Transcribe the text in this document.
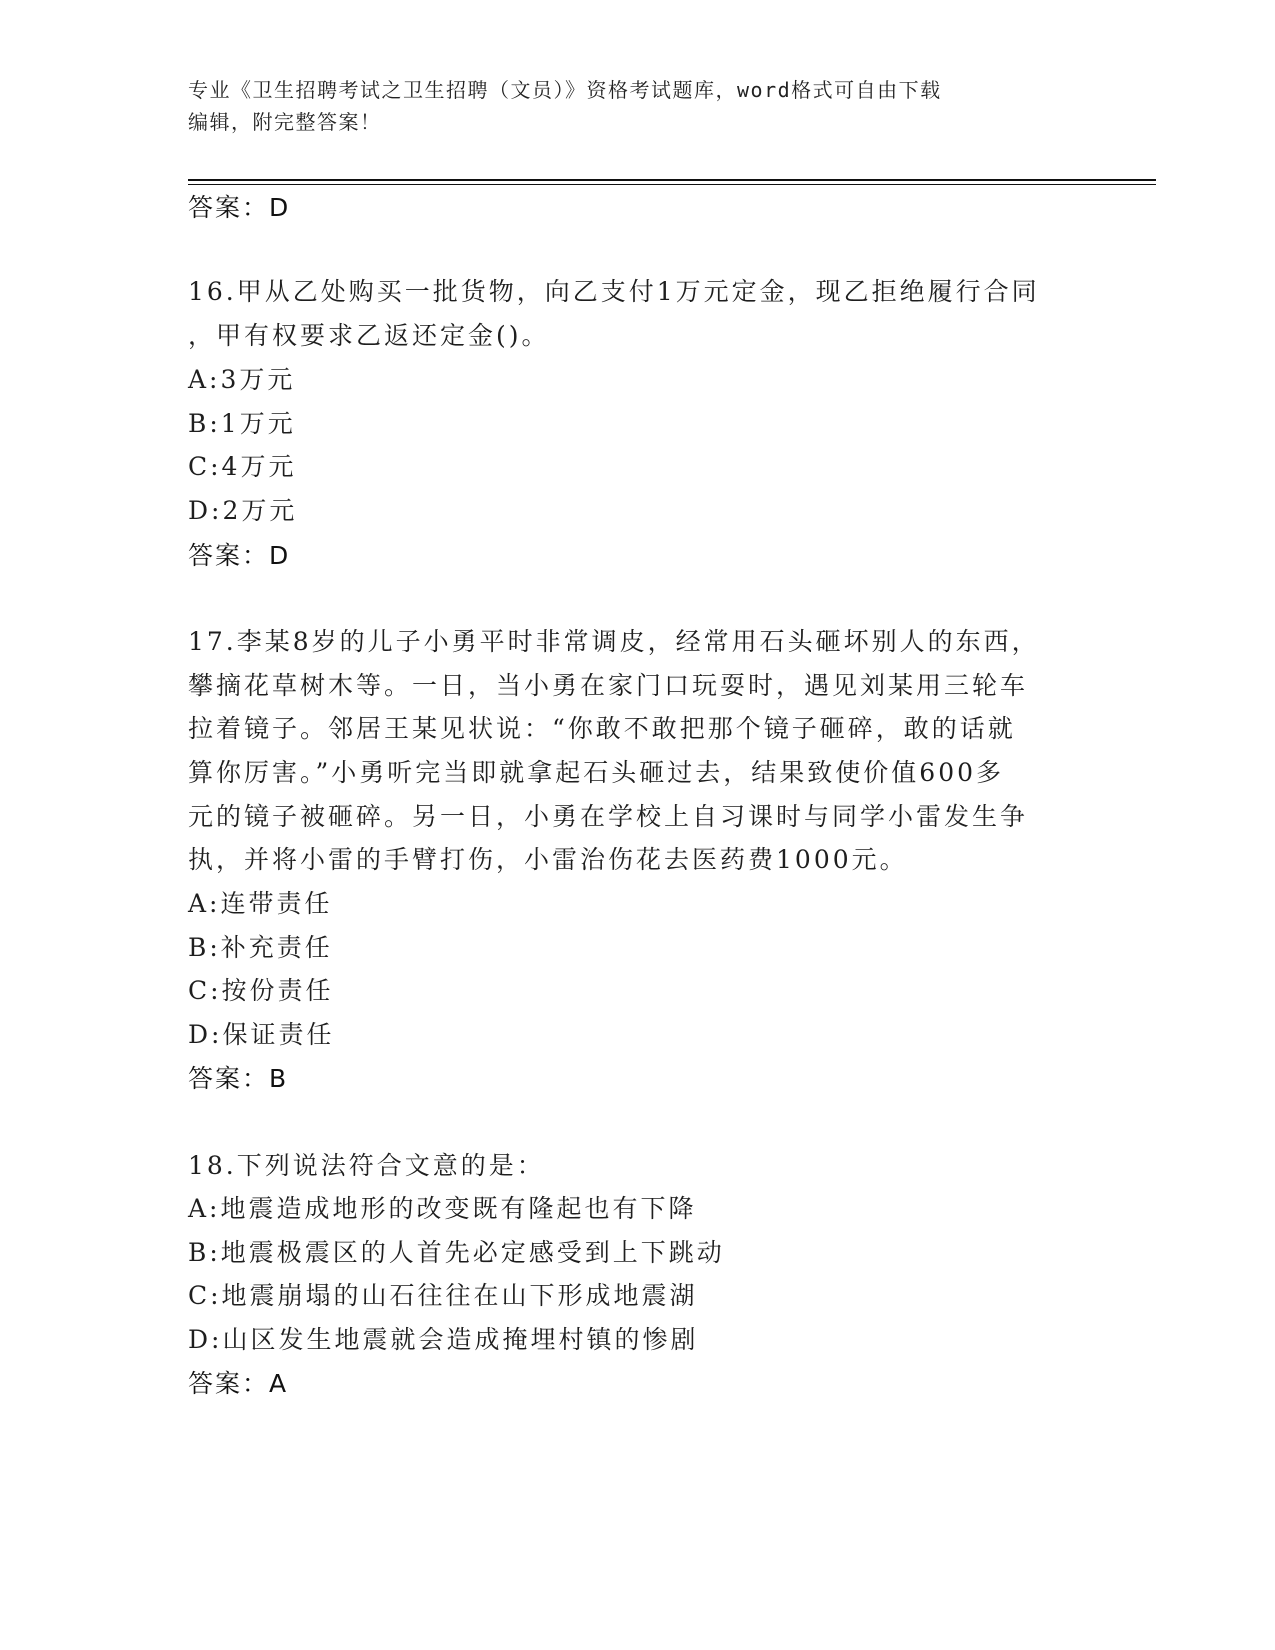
专业《卫生招聘考试之卫生招聘（文员）》资格考试题库，word格式可自由下载
编辑，附完整答案！
答案：D
16.甲从乙处购买一批货物，向乙支付1万元定金，现乙拒绝履行合同
，甲有权要求乙返还定金()。
A:3万元
B:1万元
C:4万元
D:2万元
答案：D
17.李某8岁的儿子小勇平时非常调皮，经常用石头砸坏别人的东西，
攀摘花草树木等。一日，当小勇在家门口玩耍时，遇见刘某用三轮车
拉着镜子。邻居王某见状说：“你敢不敢把那个镜子砸碎，敢的话就
算你厉害。”小勇听完当即就拿起石头砸过去，结果致使价值600多
元的镜子被砸碎。另一日，小勇在学校上自习课时与同学小雷发生争
执，并将小雷的手臂打伤，小雷治伤花去医药费1000元。
A:连带责任
B:补充责任
C:按份责任
D:保证责任
答案：B
18.下列说法符合文意的是：
A:地震造成地形的改变既有隆起也有下降
B:地震极震区的人首先必定感受到上下跳动
C:地震崩塌的山石往往在山下形成地震湖
D:山区发生地震就会造成掩埋村镇的惨剧
答案：A
